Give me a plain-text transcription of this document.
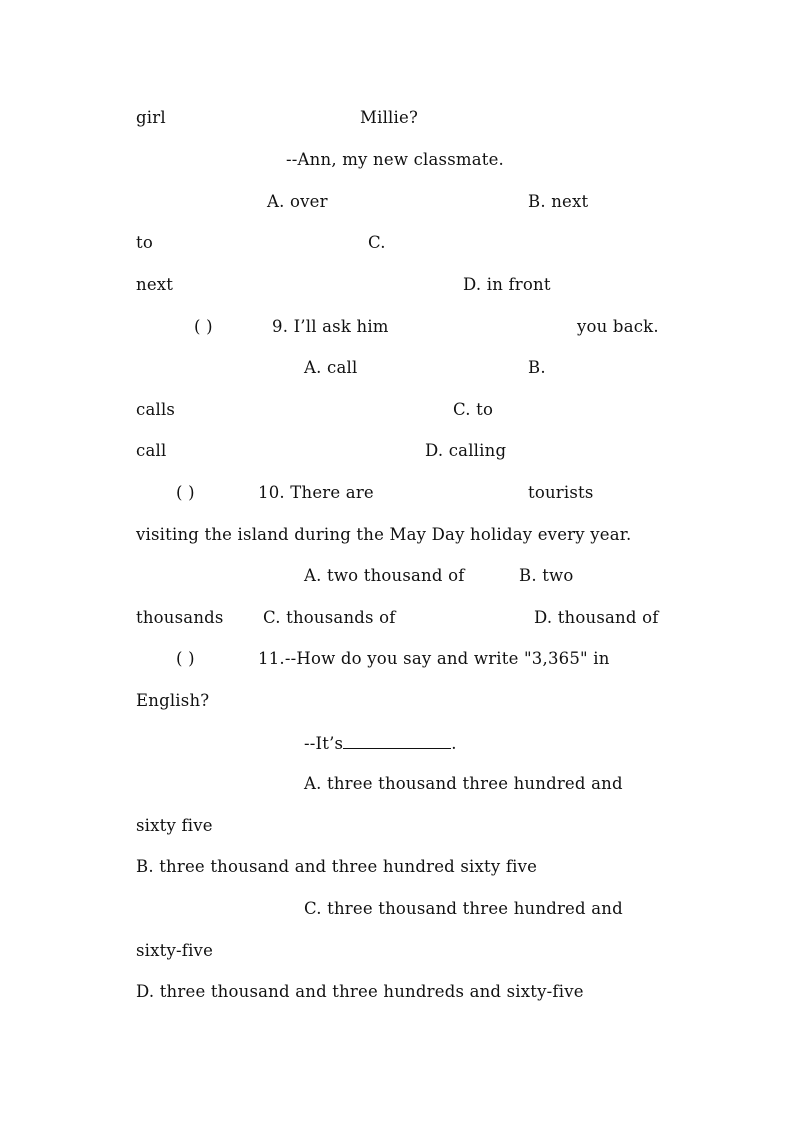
girl	Millie?
--Ann, my new classmate.
A. over	B. next
to	C.
next	D. in front
( )	9. I’ll ask him	you back.
A. call	B.
calls	C. to
call	D. calling
( )	10. There are	tourists
visiting the island during the May Day holiday every year.
A. two thousand of	B. two
thousands C. thousands of	D. thousand of
( )	11.--How do you say and write "3,365" in
English?
--It’s	.
A. three thousand three hundred and
sixty five
B. three thousand and three hundred sixty five
C. three thousand three hundred and
sixty-five
D. three thousand and three hundreds and sixty-five
